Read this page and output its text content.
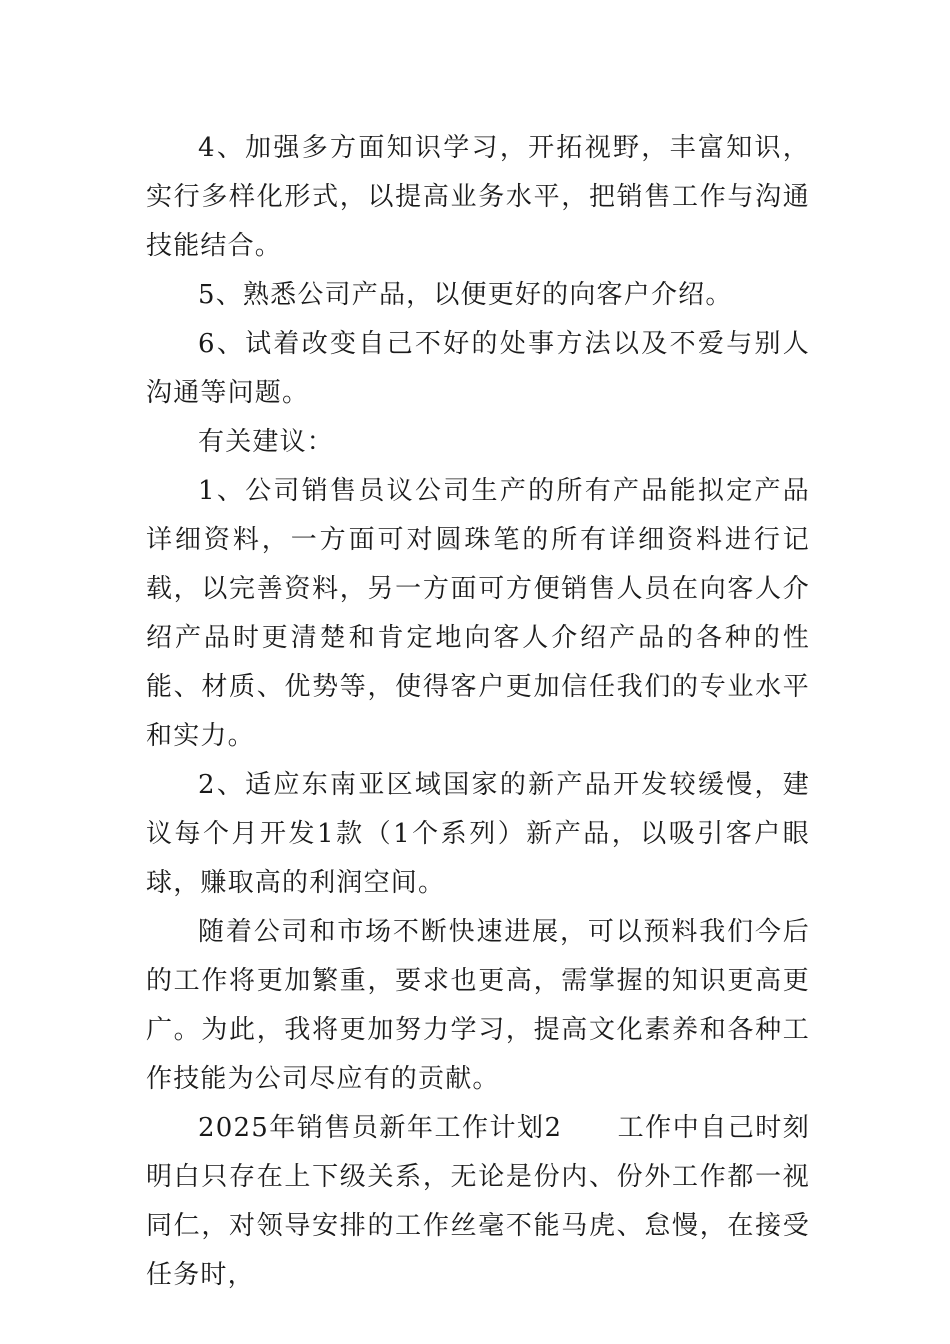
4、加强多方面知识学习，开拓视野，丰富知识，实行多样化形式，以提高业务水平，把销售工作与沟通技能结合。

5、熟悉公司产品，以便更好的向客户介绍。

6、试着改变自己不好的处事方法以及不爱与别人沟通等问题。

有关建议：

1、公司销售员议公司生产的所有产品能拟定产品详细资料，一方面可对圆珠笔的所有详细资料进行记载，以完善资料，另一方面可方便销售人员在向客人介绍产品时更清楚和肯定地向客人介绍产品的各种的性能、材质、优势等，使得客户更加信任我们的专业水平和实力。

2、适应东南亚区域国家的新产品开发较缓慢，建议每个月开发1款（1个系列）新产品，以吸引客户眼球，赚取高的利润空间。

随着公司和市场不断快速进展，可以预料我们今后的工作将更加繁重，要求也更高，需掌握的知识更高更广。为此，我将更加努力学习，提高文化素养和各种工作技能为公司尽应有的贡献。

2025年销售员新年工作计划2　　工作中自己时刻明白只存在上下级关系，无论是份内、份外工作都一视同仁，对领导安排的工作丝毫不能马虎、怠慢，在接受任务时，
